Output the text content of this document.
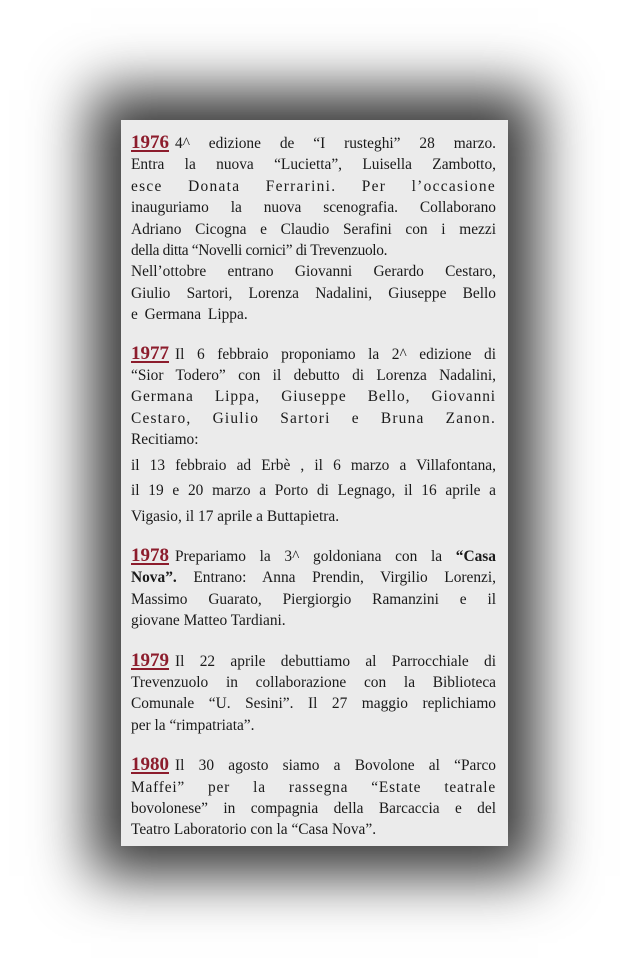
1976 4^ edizione de “I rusteghi” 28 marzo.
Entra la nuova “Lucietta”, Luisella Zambotto,
esce Donata Ferrarini. Per l’occasione
inauguriamo la nuova scenografia. Collaborano
Adriano Cicogna e Claudio Serafini con i mezzi
della ditta “Novelli cornici” di Trevenzuolo.
Nell’ottobre entrano Giovanni Gerardo Cestaro,
Giulio Sartori, Lorenza Nadalini, Giuseppe Bello
e Germana Lippa.
1977 Il 6 febbraio proponiamo la 2^ edizione di
“Sior Todero” con il debutto di Lorenza Nadalini,
Germana Lippa, Giuseppe Bello, Giovanni
Cestaro, Giulio Sartori e Bruna Zanon.
Recitiamo:
il 13 febbraio ad Erbè , il 6 marzo a Villafontana,
il 19 e 20 marzo a Porto di Legnago, il 16 aprile a
Vigasio, il 17 aprile a Buttapietra.
1978 Prepariamo la 3^ goldoniana con la “Casa
Nova”. Entrano: Anna Prendin, Virgilio Lorenzi,
Massimo Guarato, Piergiorgio Ramanzini e il
giovane Matteo Tardiani.
1979 Il 22 aprile debuttiamo al Parrocchiale di
Trevenzuolo in collaborazione con la Biblioteca
Comunale “U. Sesini”. Il 27 maggio replichiamo
per la “rimpatriata”.
1980 Il 30 agosto siamo a Bovolone al “Parco
Maffei” per la rassegna “Estate teatrale
bovolonese” in compagnia della Barcaccia e del
Teatro Laboratorio con la “Casa Nova”.
